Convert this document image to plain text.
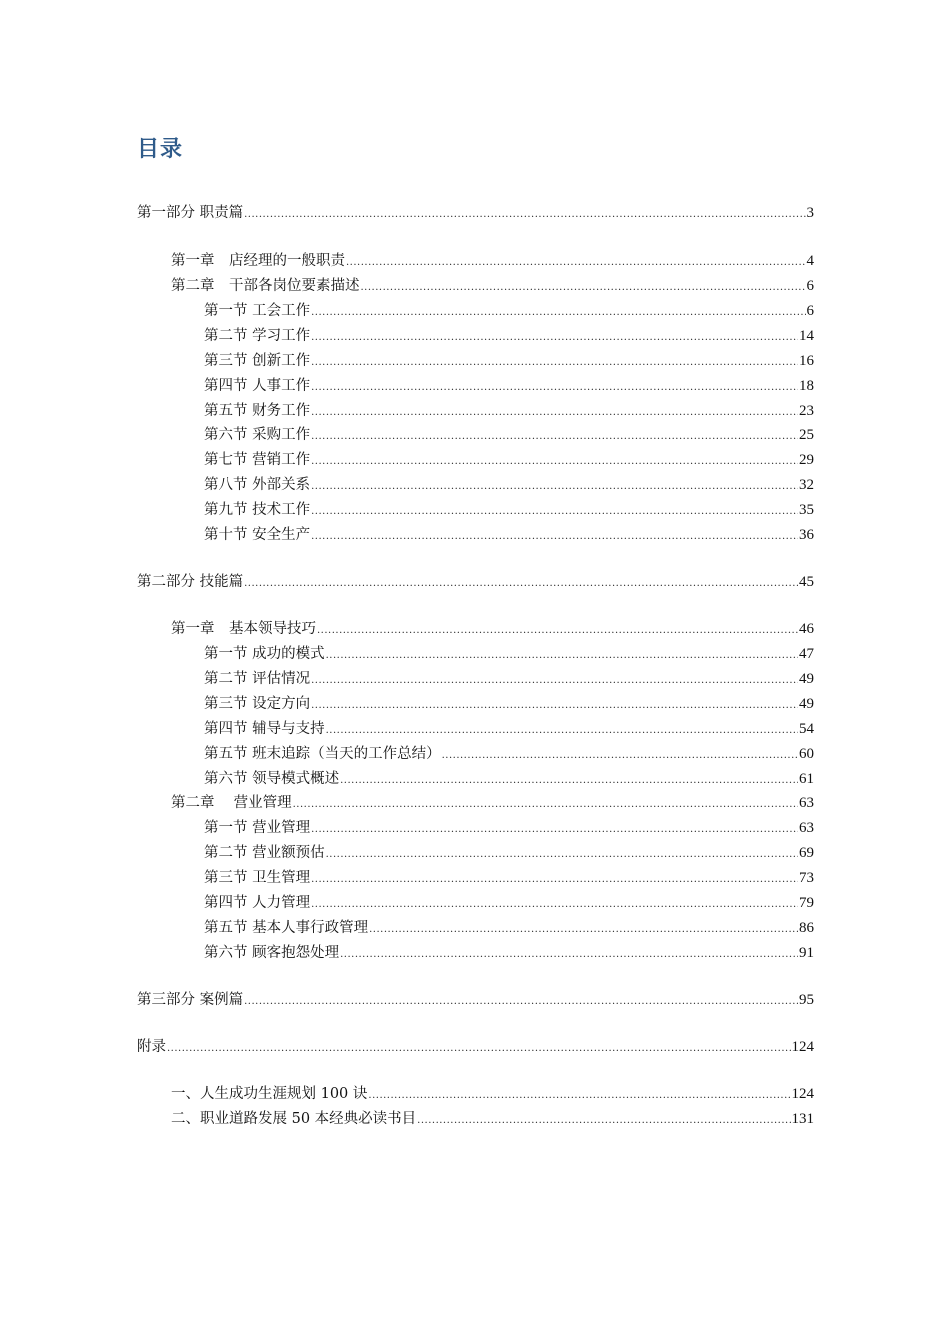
目录
第一部分 职责篇 .....	3
第一章　店经理的一般职责 .....	4
第二章　干部各岗位要素描述 .....	6
第一节 工会工作 .....	6
第二节 学习工作 .....	14
第三节 创新工作 .....	16
第四节 人事工作 .....	18
第五节 财务工作 .....	23
第六节 采购工作 .....	25
第七节 营销工作 .....	29
第八节 外部关系 .....	32
第九节 技术工作 .....	35
第十节 安全生产 .....	36
第二部分 技能篇 .....	45
第一章　基本领导技巧 .....	46
第一节 成功的模式 .....	47
第二节 评估情况 .....	49
第三节 设定方向 .....	49
第四节 辅导与支持 .....	54
第五节 班末追踪（当天的工作总结） .....	60
第六节 领导模式概述 .....	61
第二章　 营业管理 .....	63
第一节 营业管理 .....	63
第二节 营业额预估 .....	69
第三节 卫生管理 .....	73
第四节 人力管理 .....	79
第五节 基本人事行政管理 .....	86
第六节 顾客抱怨处理 .....	91
第三部分 案例篇 .....	95
附录 .....	124
一、人生成功生涯规划 100 诀 .....	124
二、职业道路发展 50 本经典必读书目 .....	131
